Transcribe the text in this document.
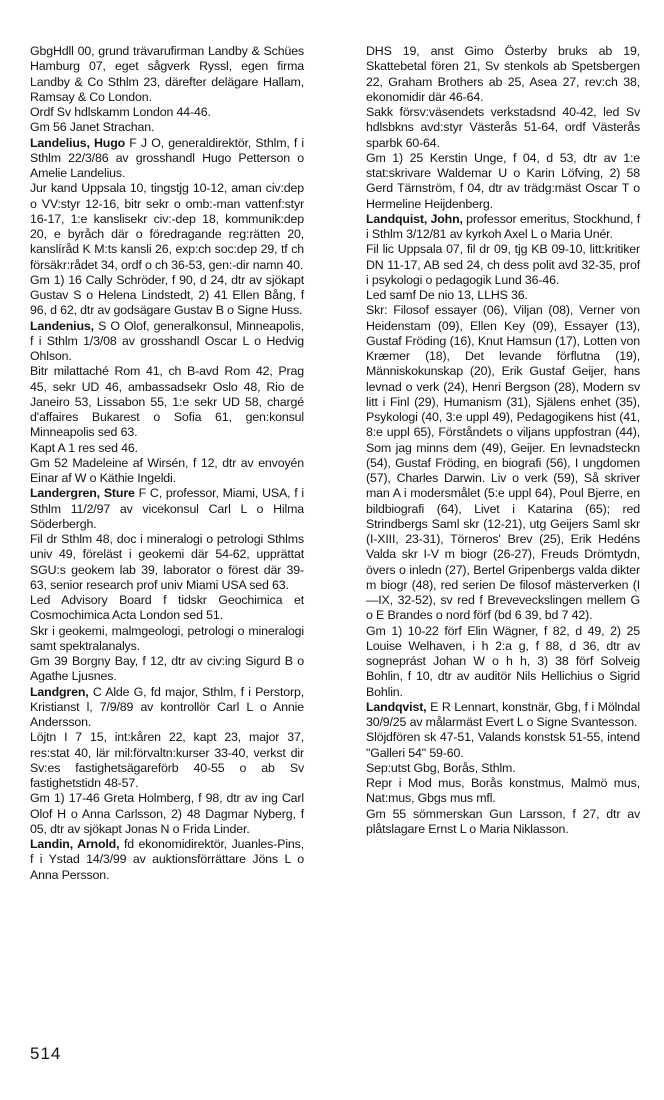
GbgHdll 00, grund trävarufirman Landby & Schües Hamburg 07, eget sågverk Ryssl, egen firma Landby & Co Sthlm 23, därefter delägare Hallam, Ramsay & Co London.

Ordf Sv hdlskamm London 44-46.

Gm 56 Janet Strachan.

Landelius, Hugo F J O, generaldirektör, Sthlm, f i Sthlm 22/3/86 av grosshandl Hugo Petterson o Amelie Landelius.

Jur kand Uppsala 10, tingstjg 10-12, aman civ:dep o VV:styr 12-16, bitr sekr o omb:-man vattenf:styr 16-17, 1:e kanslisekr civ:-dep 18, kommunik:dep 20, e byråch där o föredragande reg:rätten 20, kanslíråd K M:ts kansli 26, exp:ch soc:dep 29, tf ch försäkr:rådet 34, ordf o ch 36-53, gen:-dir namn 40.

Gm 1) 16 Cally Schröder, f 90, d 24, dtr av sjökapt Gustav S o Helena Lindstedt, 2) 41 Ellen Bång, f 96, d 62, dtr av godsägare Gustav B o Signe Huss.

Landenius, S O Olof, generalkonsul, Minneapolis, f i Sthlm 1/3/08 av grosshandl Oscar L o Hedvig Ohlson.

Bitr milattaché Rom 41, ch B-avd Rom 42, Prag 45, sekr UD 46, ambassadsekr Oslo 48, Rio de Janeiro 53, Lissabon 55, 1:e sekr UD 58, chargé d'affaires Bukarest o Sofia 61, gen:konsul Minneapolis sed 63.

Kapt A 1 res sed 46.

Gm 52 Madeleine af Wirsén, f 12, dtr av envoyén Einar af W o Käthie Ingeldi.

Landergren, Sture F C, professor, Miami, USA, f i Sthlm 11/2/97 av vicekonsul Carl L o Hilma Söderbergh.

Fil dr Sthlm 48, doc i mineralogi o petrologi Sthlms univ 49, föreläst i geokemi där 54-62, upprättat SGU:s geokem lab 39, laborator o förest där 39-63, senior research prof univ Miami USA sed 63.

Led Advisory Board f tidskr Geochimica et Cosmochimica Acta London sed 51.

Skr i geokemi, malmgeologi, petrologi o mineralogi samt spektralanalys.

Gm 39 Borgny Bay, f 12, dtr av civ:ing Sigurd B o Agathe Ljusnes.

Landgren, C Alde G, fd major, Sthlm, f i Perstorp, Kristianst l, 7/9/89 av kontrollör Carl L o Annie Andersson.

Löjtn I 7 15, int:kåren 22, kapt 23, major 37, res:stat 40, lär mil:förvaltn:kurser 33-40, verkst dir Sv:es fastighetsägareförb 40-55 o ab Sv fastighetstidn 48-57.

Gm 1) 17-46 Greta Holmberg, f 98, dtr av ing Carl Olof H o Anna Carlsson, 2) 48 Dagmar Nyberg, f 05, dtr av sjökapt Jonas N o Frida Linder.

Landin, Arnold, fd ekonomidirektör, Juanles-Pins, f i Ystad 14/3/99 av auktionsförrättare Jöns L o Anna Persson.

DHS 19, anst Gimo Österby bruks ab 19, Skattebetal fören 21, Sv stenkols ab Spetsbergen 22, Graham Brothers ab 25, Asea 27, rev:ch 38, ekonomidir där 46-64.

Sakk försv:väsendets verkstadsnd 40-42, led Sv hdlsbkns avd:styr Västerås 51-64, ordf Västerås sparbk 60-64.

Gm 1) 25 Kerstin Unge, f 04, d 53, dtr av 1:e stat:skrivare Waldemar U o Karin Löfving, 2) 58 Gerd Tärnström, f 04, dtr av trädg:mäst Oscar T o Hermeline Heijdenberg.

Landquist, John, professor emeritus, Stockhund, f i Sthlm 3/12/81 av kyrkoh Axel L o Maria Unér.

Fil lic Uppsala 07, fil dr 09, tjg KB 09-10, litt:kritiker DN 11-17, AB sed 24, ch dess polit avd 32-35, prof i psykologi o pedagogik Lund 36-46.

Led samf De nio 13, LLHS 36.

Skr: Filosof essayer (06), Viljan (08), Verner von Heidenstam (09), Ellen Key (09), Essayer (13), Gustaf Fröding (16), Knut Hamsun (17), Lotten von Kræmer (18), Det levande förflutna (19), Människokunskap (20), Erik Gustaf Geijer, hans levnad o verk (24), Henri Bergson (28), Modern sv litt i Finl (29), Humanism (31), Själens enhet (35), Psykologi (40, 3:e uppl 49), Pedagogikens hist (41, 8:e uppl 65), Förståndets o viljans uppfostran (44), Som jag minns dem (49), Geijer. En levnadsteckn (54), Gustaf Fröding, en biografi (56), I ungdomen (57), Charles Darwin. Liv o verk (59), Så skriver man A i modersmålet (5:e uppl 64), Poul Bjerre, en bildbiografi (64), Livet i Katarina (65); red Strindbergs Saml skr (12-21), utg Geijers Saml skr (I-XIII, 23-31), Törneros' Brev (25), Erik Hedéns Valda skr I-V m biogr (26-27), Freuds Drömtydn, övers o inledn (27), Bertel Gripenbergs valda dikter m biogr (48), red serien De filosof mästerverken (I—IX, 32-52), sv red f Breveveckslingen mellem G o E Brandes o nord förf (bd 6 39, bd 7 42).

Gm 1) 10-22 förf Elin Wägner, f 82, d 49, 2) 25 Louise Welhaven, i h 2:a g, f 88, d 36, dtr av sogneprást Johan W o h h, 3) 38 förf Solveig Bohlin, f 10, dtr av auditör Nils Hellichius o Sigrid Bohlin.

Landqvist, E R Lennart, konstnär, Gbg, f i Mölndal 30/9/25 av målarmäst Evert L o Signe Svantesson.

Slöjdfören sk 47-51, Valands konstsk 51-55, intend "Galleri 54" 59-60.

Sep:utst Gbg, Borås, Sthlm.

Repr i Mod mus, Borås konstmus, Malmö mus, Nat:mus, Gbgs mus mfl.

Gm 55 sömmerskan Gun Larsson, f 27, dtr av plåtslagare Ernst L o Maria Niklasson.

514
